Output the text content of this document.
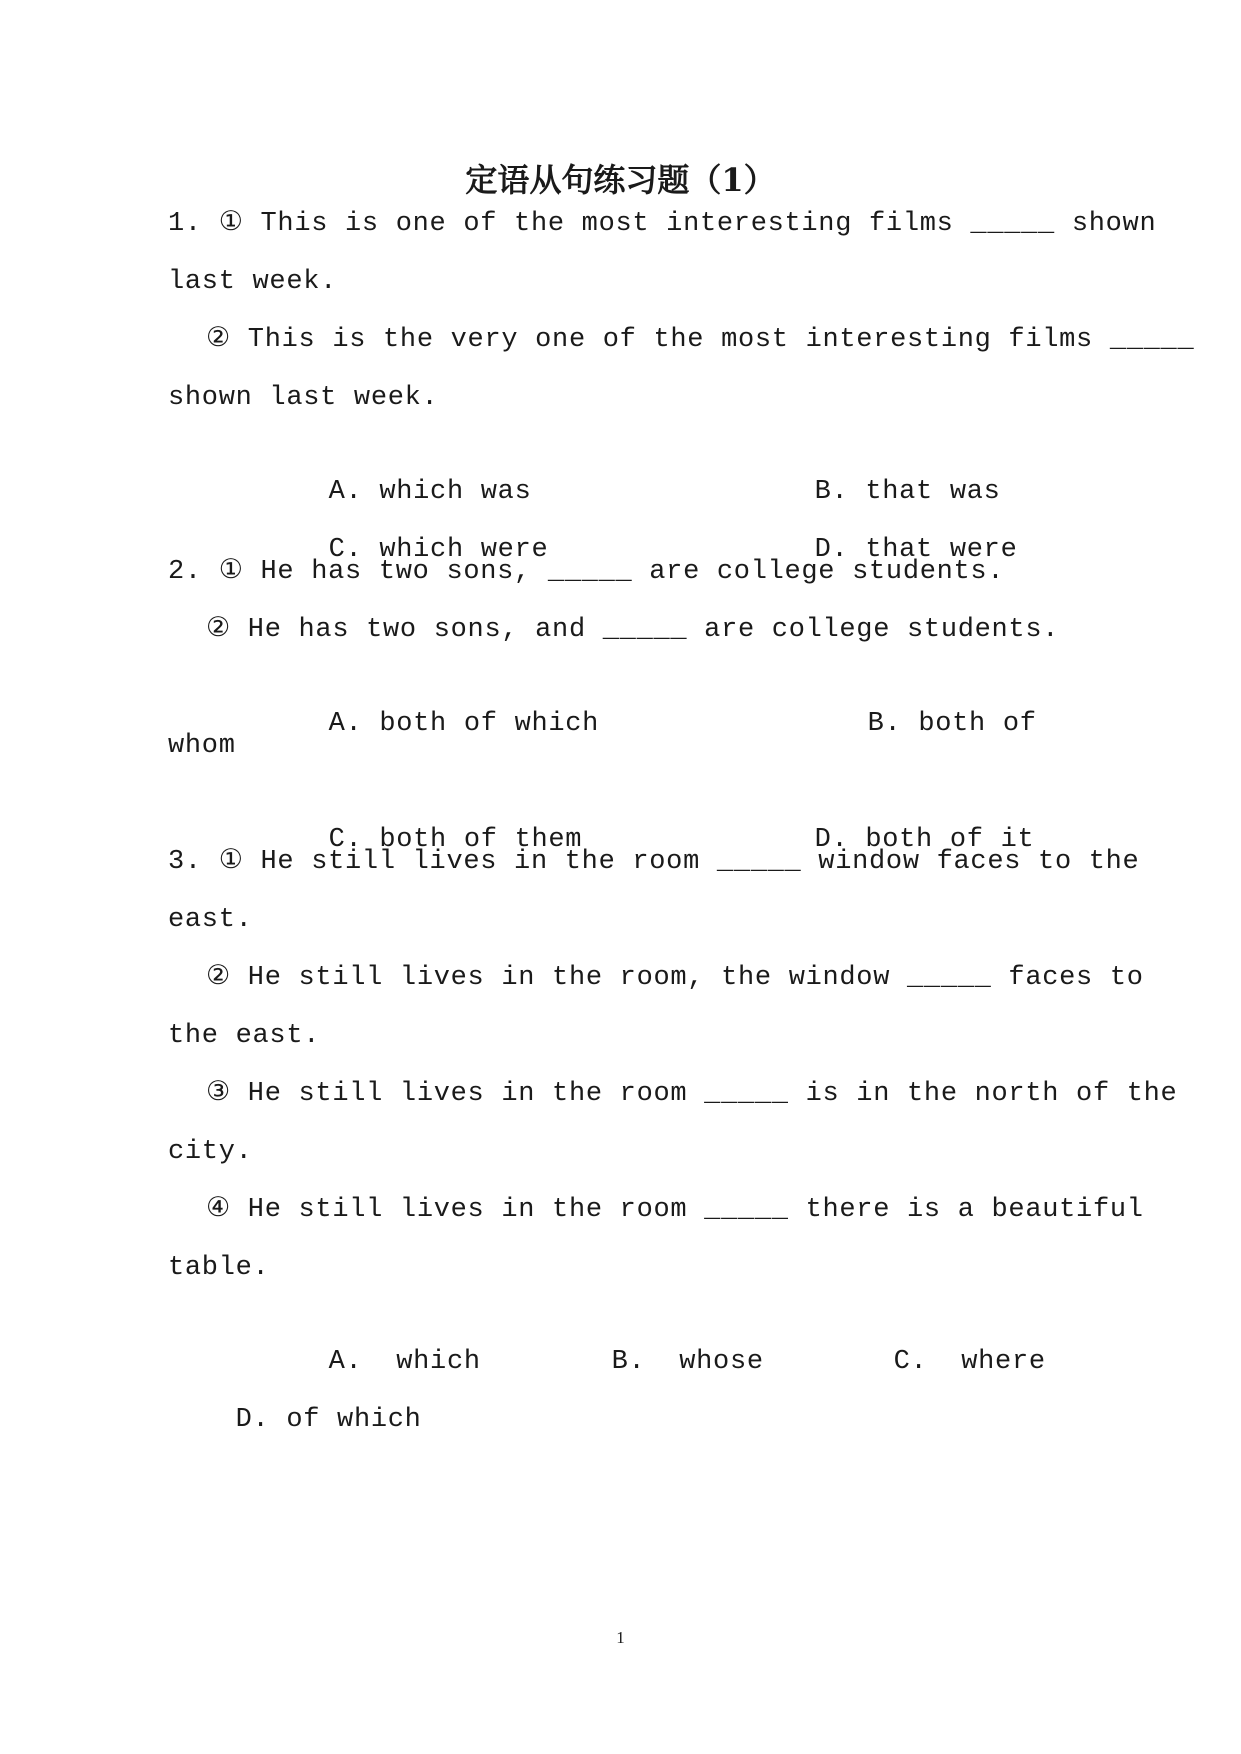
定语从句练习题（1）
1. ① This is one of the most interesting films _____ shown
last week.
② This is the very one of the most interesting films _____
shown last week.

A. which was
	B. that was

C. which were
	D. that were

2. ① He has two sons, _____ are college students.
② He has two sons, and _____ are college students.

A. both of which
	B. both of

whom

C. both of them
	D. both of it

3. ① He still lives in the room _____ window faces to the
east.
② He still lives in the room, the window _____ faces to
the east.
③ He still lives in the room _____ is in the north of the
city.
④ He still lives in the room _____ there is a beautiful
table.

A. which
	B. whose
	C. where

D. of which

1
